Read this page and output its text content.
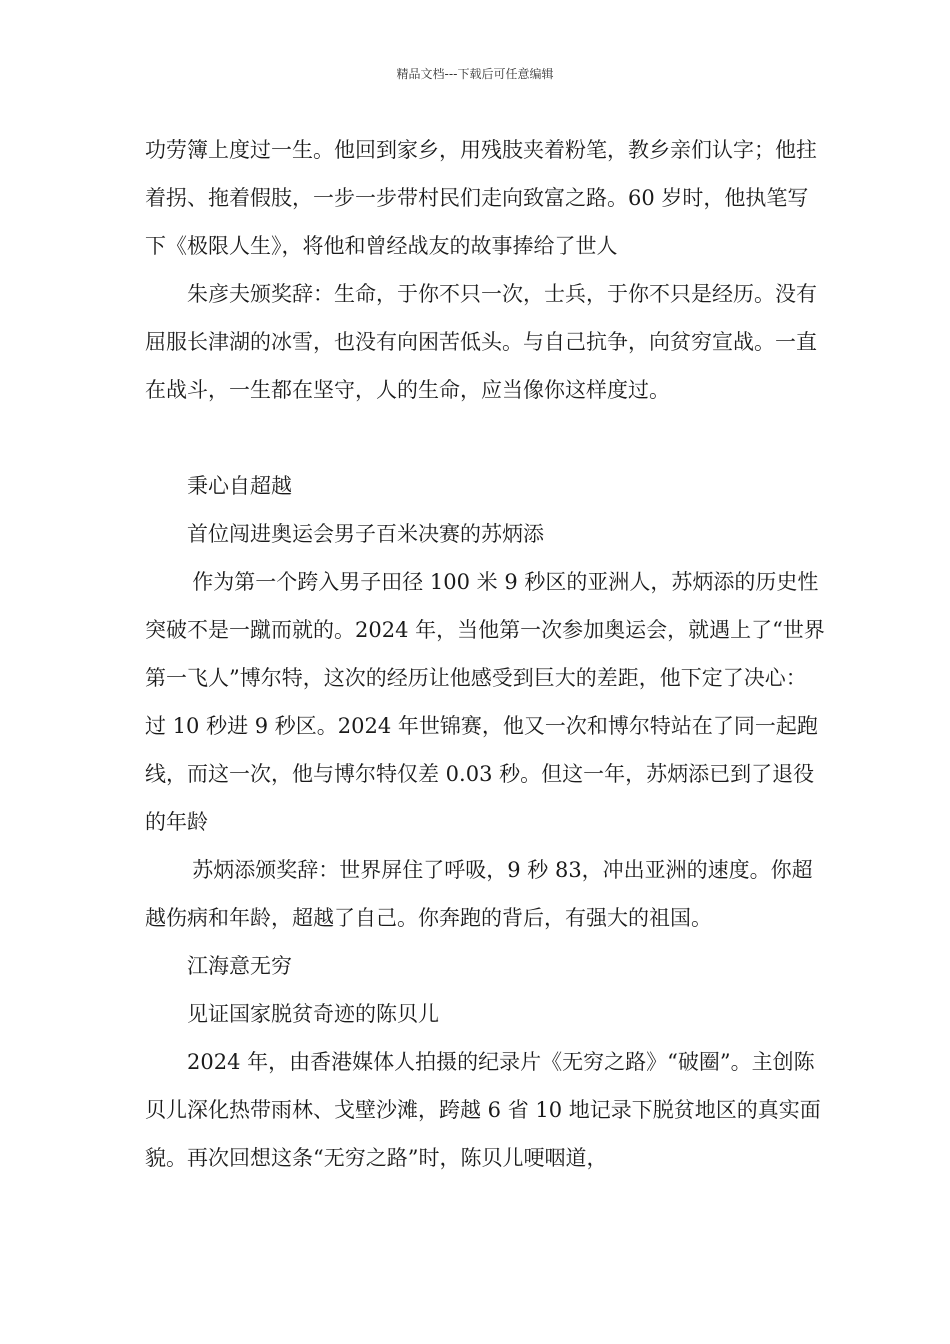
精品文档---下载后可任意编辑

功劳簿上度过一生。他回到家乡，用残肢夹着粉笔，教乡亲们认字；他拄着拐、拖着假肢，一步一步带村民们走向致富之路。60 岁时，他执笔写下《极限人生》，将他和曾经战友的故事捧给了世人

朱彦夫颁奖辞：生命，于你不只一次，士兵，于你不只是经历。没有屈服长津湖的冰雪，也没有向困苦低头。与自己抗争，向贫穷宣战。一直在战斗，一生都在坚守，人的生命，应当像你这样度过。

秉心自超越

首位闯进奥运会男子百米决赛的苏炳添

作为第一个跨入男子田径 100 米 9 秒区的亚洲人，苏炳添的历史性突破不是一蹴而就的。2024 年，当他第一次参加奥运会，就遇上了“世界第一飞人”博尔特，这次的经历让他感受到巨大的差距，他下定了决心：过 10 秒进 9 秒区。2024 年世锦赛，他又一次和博尔特站在了同一起跑线，而这一次，他与博尔特仅差 0.03 秒。但这一年，苏炳添已到了退役的年龄

苏炳添颁奖辞：世界屏住了呼吸，9 秒 83，冲出亚洲的速度。你超越伤病和年龄，超越了自己。你奔跑的背后，有强大的祖国。

江海意无穷

见证国家脱贫奇迹的陈贝儿

2024 年，由香港媒体人拍摄的纪录片《无穷之路》“破圈”。主创陈贝儿深化热带雨林、戈壁沙滩，跨越 6 省 10 地记录下脱贫地区的真实面貌。再次回想这条“无穷之路”时，陈贝儿哽咽道，
